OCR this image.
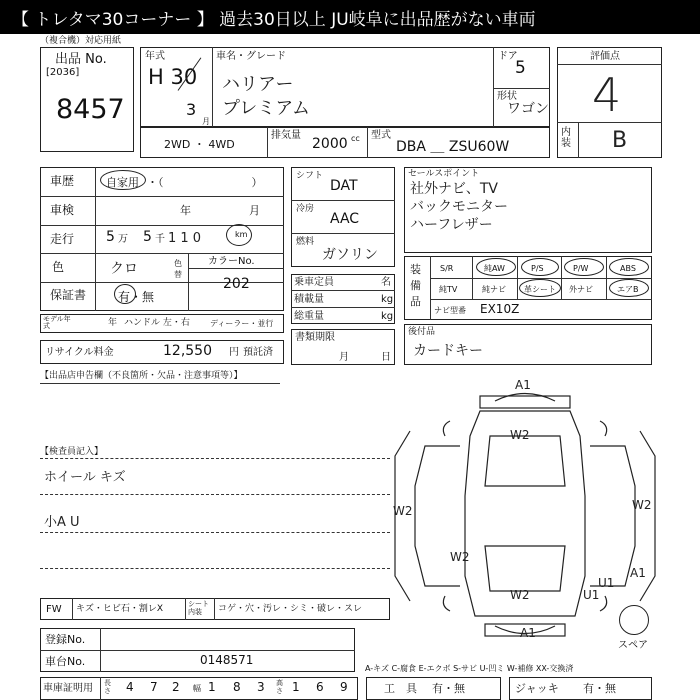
【 トレタマ30コーナー 】 過去30日以上 JU岐阜に出品歴がない車両
（複合機）対応用紙
出品 No.
[2036]
8457
年式
H 30
3
月
車名・グレード
ハリアー
プレミアム
ドア
5
形状
ワゴン
2WD ・ 4WD
排気量
2000 cc 型式
DBA ＿ ZSU60W
評価点
4
内装 B
車歴	自家用 ・（　　　　　　　　）
車検	年	月
走行 5 万 5 千 1 1 0	km
色	クロ	色替
カラーNo.
202
保証書	有・無
モデル年式	年 ハンドル 左・右	ディーラー・並行
リサイクル料金	12,550 円 預託済
シフト
DAT
冷房
AAC
燃料
ガソリン
乗車定員	名
積載量	kg
総重量	kg
書類期限
月	日
セールスポイント
社外ナビ、TV
バックモニター
ハーフレザー
装備品
S/R	純AW	P/S	P/W	ABS
純TV	純ナビ 革シート 外ナビ	エアB
ナビ型番 EX10Z
後付品
カードキー
【出品店申告欄（不良箇所・欠品・注意事項等）】
【検査員記入】
ホイール キズ
小A U
A1
W2
W2	W2
W2
U1
W2
A1
U1
A1
スペア
FW キズ・ヒビ石・割レX	シート内装	コゲ・穴・汚レ・シミ・破レ・スレ
登録No.
車台No.	0148571
A-キズ C-腐食 E-エクボ S-サビ U-凹ミ W-補修 XX-交換済
車庫証明用 長さ 4 7 2 幅 1 8 3 高さ 1 6 9	工　具 有・無	ジャッキ 有・無
